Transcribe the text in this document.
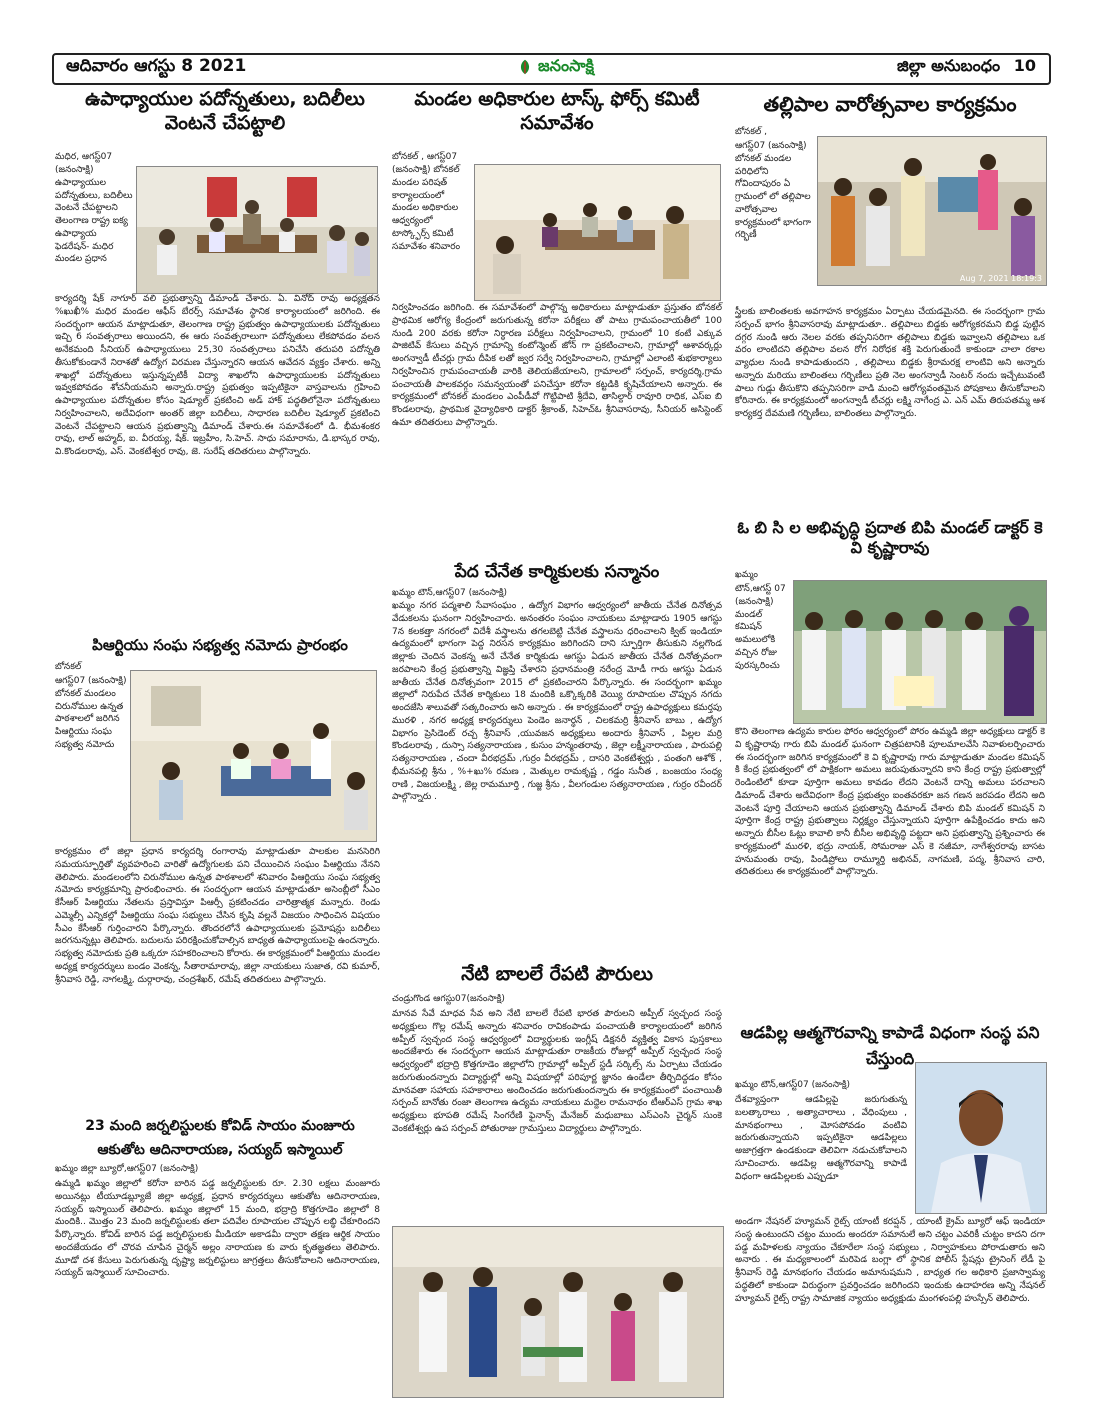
ఆదివారం ఆగస్టు 8 2021	జనంసాక్షి	జిల్లా అనుబంధం 10
ఉపాధ్యాయుల పదోన్నతులు, బదిలీలు వెంటనే చేపట్టాలి
మధిర, ఆగస్ట్07
(జనంసాక్షి) ఉపాధ్యాయుల పదోన్నతులు, బదిలీలు వెంటనే చేపట్టాలని తెలంగాణ రాష్ట్ర ఐక్య ఉపాధ్యాయ ఫెడరేషన్- మధిర మండల ప్రధాన
కార్యదర్శి షేక్ నాగూర్ వలి ప్రభుత్వాన్ని డిమాండ్ చేశారు. ఏ. వినోద్ రావు అధ్యక్షతన %ఖుఖీ% మధిర మండల ఆఫీస్ బేరర్స్ సమావేశం స్థానిక కార్యాలయంలో జరిగింది. ఈ సందర్భంగా ఆయన మాట్లాడుతూ, తెలంగాణ రాష్ట్ర ప్రభుత్వం ఉపాధ్యాయులకు పదోన్నతులు ఇచ్చి 6 సంవత్సరాలు అయిందని, ఈ ఆరు సంవత్సరాలుగా పదోన్నతులు లేకపోవడం వలన అనేకమంది సీనియర్ ఉపాధ్యాయులు 25,30 సంవత్సరాలు పనిచేసి తదుపరి పదోన్నతి తీసుకోకుండానే నిరాశతో ఉద్యోగ విరమణ చేస్తున్నారని ఆయన ఆవేదన వ్యక్తం చేశారు. అన్ని శాఖల్లో పదోన్నతులు ఇస్తున్నప్పటికీ విద్యా శాఖలోని ఉపాధ్యాయులకు పదోన్నతులు ఇవ్వకపోవడం శోచనీయమని అన్నారు.రాష్ట్ర ప్రభుత్వం ఇప్పటికైనా వాస్తవాలను గ్రహించి ఉపాధ్యాయుల పదోన్నతుల కోసం షెడ్యూల్ ప్రకటించి అడ్ హాక్ పద్ధతిలోనైనా పదోన్నతులు నిర్వహించాలని, అదేవిధంగా అంతర్ జిల్లా బదిలీలు, సాధారణ బదిలీల షెడ్యూల్ ప్రకటించి వెంటనే చేపట్టాలని ఆయన ప్రభుత్వాన్ని డిమాండ్ చేశారు.ఈ సమావేశంలో డి. భీమశంకర రావు, లాల్ అహ్మద్, ఐ. వీరయ్య, షేక్. ఇబ్రహీం, సి.హెచ్. సాధు సమారాను, డి.భాస్కర రావు, వి.కొండలరావు, ఎస్. వెంకటేశ్వర రావు, జె. సురేష్ తదితరులు పాల్గొన్నారు.
పిఆర్టియు సంఘ సభ్యత్వ నమోదు ప్రారంభం
బోనకల్
ఆగస్ట్07 (జనంసాక్షి) బోనకల్ మండలం చిరునోముల ఉన్నత పాఠశాలలో జరిగిన పిఆర్టియు సంఘ సభ్యత్వ నమోదు
కార్యక్రమం లో జిల్లా ప్రధాన కార్యదర్శి రంగారావు మాట్లాడుతూ పాలకుల మనసెరిగి సమయస్ఫూర్తితో వ్యవహరించి వారితో ఉద్యోగులకు పని చేయించిన సంఘం పిఆర్టియు నేనని తెలిపారు. మండలంలోని చిరునోముల ఉన్నత పాఠశాలలో శనివారం పిఆర్టియు సంఘ సభ్యత్వ నమోదు కార్యక్రమాన్ని ప్రారంభించారు. ఈ సందర్భంగా ఆయన మాట్లాడుతూ అసెంబ్లీలో సీఎం కేసీఆర్ పిఆర్టియు నేతలను ప్రస్తావిస్తూ పిఆర్సీ ప్రకటించడం చారిత్రాత్మక మన్నారు. రెండు ఎమ్మెల్సీ ఎన్నికల్లో పిఆర్టియు సంఘ సభ్యులు చేసిన కృషి వల్లనే విజయం సాధించిన విషయం సీఎం కేసీఆర్ గుర్తించారని పేర్కొన్నారు. తొందరలోనే ఉపాధ్యాయులకు ప్రమోషన్లు బదిలీలు జరగనున్నట్లు తెలిపారు. బదులను పరిరక్షించుకోవాల్సిన బాధ్యత ఉపాధ్యాయులపై ఉందన్నారు. సభ్యత్వ నమోదుకు ప్రతి ఒక్కరూ సహకరించాలని కోరారు. ఈ కార్యక్రమంలో పిఆర్టియు మండల అధ్యక్ష కార్యదర్శులు బండం వెంకన్న, సీతారామారావు, జిల్లా నాయకులు సుజాత, రవి కుమార్, శ్రీనివాస రెడ్డి, నాగలక్ష్మి, దుర్గారావు, చంద్రశేఖర్, రమేష్ తదితరులు పాల్గొన్నారు.
23 మంది జర్నలిస్టులకు కోవిడ్ సాయం మంజూరు
ఆకుతోట ఆదినారాయణ, సయ్యద్ ఇస్మాయిల్
ఖమ్మం జిల్లా బ్యూరో,ఆగస్ట్07 (జనంసాక్షి)
ఉమ్మడి ఖమ్మం జిల్లాలో కరోనా బారిన పడ్డ జర్నలిస్టులకు రూ. 2.30 లక్షలు మంజూరు అయినట్లు టీయూడబ్ల్యూజే జిల్లా అధ్యక్ష, ప్రధాన కార్యదర్శులు ఆకుతోట ఆదినారాయణ, సయ్యద్ ఇస్మాయిల్ తెలిపారు. ఖమ్మం జిల్లాలో 15 మంది, భద్రాద్రి కొత్తగూడెం జిల్లాలో 8 మందికి.. మొత్తం 23 మంది జర్నలిస్టులకు తలా పదివేల రూపాయల చొప్పున లబ్ధి చేకూరిందని పేర్కొన్నారు. కోవిడ్ బారిన పడ్డ జర్నలిస్టులకు మీడియా అకాడమీ ద్వారా తక్షణ ఆర్థిక సాయం అందజేయడం లో చొరవ చూపిన చైర్మన్ అల్లం నారాయణ కు వారు కృతజ్ఞతలు తెలిపారు. మూడో దశ కేసులు పెరుగుతున్న దృష్ట్యా జర్నలిస్టులు జాగ్రత్తలు తీసుకోవాలని ఆదినారాయణ, సయ్యద్ ఇస్మాయిల్ సూచించారు.
మండల అధికారుల టాస్క్ ఫోర్స్ కమిటీ సమావేశం
బోనకల్ , ఆగస్ట్07
(జనంసాక్షి) బోనకల్ మండల పరిషత్ కార్యాలయంలో మండల అధికారుల ఆధ్వర్యంలో టాస్క్ఫోర్స్ కమిటీ సమావేశం శనివారం
నిర్వహించడం జరిగింది. ఈ సమావేశంలో పాల్గొన్న అధికారులు మాట్లాడుతూ ప్రస్తుతం బోనకల్ ప్రాథమిక ఆరోగ్య కేంద్రంలో జరుగుతున్న కరోనా పరీక్షలు తో పాటు గ్రామపంచాయతీలో 100 నుండి 200 వరకు కరోనా నిర్ధారణ పరీక్షలు నిర్వహించాలని, గ్రామంలో 10 కంటే ఎక్కువ పాజిటివ్ కేసులు వచ్చిన గ్రామాన్ని కంటోన్మెంట్ జోన్ గా ప్రకటించాలని, గ్రామాల్లో ఆశావర్కర్లు అంగన్వాడీ టీచర్లు గ్రామ దీపిక లతో జ్వర సర్వే నిర్వహించాలని, గ్రామాల్లో ఎలాంటి శుభకార్యాలు నిర్వహించిన గ్రామపంచాయతీ వారికి తెలియజేయాలని, గ్రామాలలో సర్పంచ్, కార్యదర్శి,గ్రామ పంచాయతీ పాలకవర్గం సమన్వయంతో పనిచేస్తూ కరోనా కట్టడికి కృషిచేయాలని అన్నారు. ఈ కార్యక్రమంలో బోనకల్ మండలం ఎంపీడీవో గొట్టిపాటి శ్రీదేవి, తాసిల్దార్ రావూరి రాధిక, ఎస్ఐ బి కొండలరావు, ప్రాథమిక వైద్యాధికారి డాక్టర్ శ్రీకాంత్, సిహెచ్ఓ శ్రీనివాసరావు, సీనియర్ అసిస్టెంట్ ఉమా తదితరులు పాల్గొన్నారు.
పేద చేనేత కార్మికులకు సన్మానం
ఖమ్మం టౌన్,ఆగస్ట్07 (జనంసాక్షి)
ఖమ్మం నగర పద్మశాలి సేవాసంఘం , ఉద్యోగ విభాగం ఆధ్వర్యంలో జాతీయ చేనేత దినోత్సవ వేడుకలను ఘనంగా నిర్వహించారు. అనంతరం సంఘం నాయకులు మాట్లాడారు 1905 ఆగస్టు 7న కలకత్తా నగరంలో విదేశీ వస్త్రాలను తగలబెట్టి చేనేత వస్త్రాలను ధరించాలని క్విట్ ఇండియా ఉద్యమంలో భాగంగా పెద్ద నిరసన కార్యక్రమం జరిగిందని దాని స్ఫూర్తిగా తీసుకుని నల్లగొండ జిల్లాకు చెందిన వెంకన్న అనే చేనేత కార్మికుడు ఆగస్టు ఏడున జాతీయ చేనేత దినోత్సవంగా జరపాలని కేంద్ర ప్రభుత్వాన్ని విజ్ఞప్తి చేశారని ప్రధానమంత్రి నరేంద్ర మోడీ గారు ఆగస్టు ఏడున జాతీయ చేనేత దినోత్సవంగా 2015 లో ప్రకటించారని పేర్కొన్నారు. ఈ సందర్భంగా ఖమ్మం జిల్లాలో నిరుపేద చేనేత కార్మికులు 18 మందికి ఒక్కొక్కరికి వెయ్యి రూపాయల చొప్పున నగదు అందజేసి శాలువతో సత్కరించారు అని అన్నారు . ఈ కార్యక్రమంలో రాష్ట్ర ఉపాధ్యక్షులు కమర్తపు మురళి , నగర అధ్యక్ష కార్యదర్శులు పెండెం జనార్ధన్ , చిలకమర్రి శ్రీనివాస్ బాబు , ఉద్యోగ విభాగం ప్రెసిడెంట్ రచ్చ శ్రీనివాస్ ,యువజన అధ్యక్షులు అందారు శ్రీనివాస్ , పిల్లల మర్రి కొండలరావు , దుస్సా సత్యనారాయణ , కుసుం హన్మంతరావు , జెల్లా లక్ష్మీనారాయణ , పారుపల్లి సత్యనారాయణ , చందా వీరభద్రమ్ ,గుర్రం వీరభద్రమ్ , దాసరి వెంకటేశ్వర్లు , పంతంగి ఆశోక్ , భీమనపల్లి శ్రీను , %+ఖు% రమణ , మెత్కుల రామకృష్ణ , గడ్డం సునీత , బంజయం సంధ్య రాణి , విజయలక్ష్మి , జెల్ల రామమూర్తి , గుజ్జ శ్రీను , వీలగండుల సత్యనారాయణ , గుర్రం రవీందర్ పాల్గొన్నారు .
నేటి బాలలే రేపటి పౌరులు
చండ్రుగొండ ఆగస్టు07(జనంసాక్షి)
మానవ సేవే మాధవ సేవ అని నేటి బాలలే రేపటి భారత పౌరులని అప్పీల్ స్వచ్ఛంద సంస్థ అధ్యక్షులు గొల్ల రమేష్ అన్నారు శనివారం రావికంపాడు పంచాయతీ కార్యాలయంలో జరిగిన అప్పీల్ స్వచ్ఛంద సంస్థ ఆధ్వర్యంలో విద్యార్థులకు ఇంగ్లీష్ డిక్షనరీ వ్యక్తిత్వ వికాస పుస్తకాలు అందజేశారు ఈ సందర్భంగా ఆయన మాట్లాడుతూ రాజకీయ రోజుల్లో అప్పీల్ స్వచ్ఛంద సంస్థ ఆధ్వర్యంలో భద్రాద్రి కొత్తగూడెం జిల్లాలోని గ్రామాల్లో అప్పీల్ స్టడీ సర్కిల్స్ ను ఏర్పాటు చేయడం జరుగుతుందన్నారు విద్యార్థుల్లో అన్ని విషయాల్లో పరిపూర్ణ జ్ఞానం ఉండేలా తీర్చిదిద్దడం కోసం మానవతా సహాయ సహకారాలు అందించడం జరుగుతుందన్నారు ఈ కార్యక్రమంలో పంచాయితీ సర్పంచ్ బానోతు రంజా తెలంగాణ ఉద్యమ నాయకులు మద్దెల రామనాథం టీఆర్ఎస్ గ్రామ శాఖ అధ్యక్షులు భూపతి రమేష్ సింగరేణి ఫైనాన్స్ మేనేజర్ మధుబాబు ఎస్ఎంసి చైర్మన్ సుంకె వెంకటేశ్వర్లు ఉప సర్పంచ్ పోతురాజు గ్రామస్తులు విద్యార్థులు పాల్గొన్నారు.
తల్లిపాల వారోత్సవాల కార్యక్రమం
బోనకల్ ,
ఆగస్ట్07 (జనంసాక్షి) బోనకల్ మండల పరిధిలోని గోవిందాపురం ఏ గ్రామంలో లో తల్లిపాల వారోత్సవాల కార్యక్రమంలో భాగంగా గర్భిణీ
Aug 7, 2021 18:19:3
స్త్రీలకు బాలింతలకు అవగాహన కార్యక్రమం ఏర్పాటు చేయడమైనది. ఈ సందర్భంగా గ్రామ సర్పంచ్ భాగం శ్రీనివాసరావు మాట్లాడుతూ.. తల్లిపాలు బిడ్డకు ఆరోగ్యకరమని బిడ్డ పుట్టిన దగ్గర నుండి ఆరు నెలల వరకు తప్పనిసరిగా తల్లిపాలు బిడ్డకు ఇవ్వాలని తల్లిపాలు ఒక వరం లాంటిదని తల్లిపాల వలన రోగ నిరోధక శక్తి పెరుగుతుందే కాకుండా చాలా రకాల వ్యాధుల నుండి కాపాడుతుందని , తల్లిపాలు బిడ్డకు శ్రీరామరక్ష లాంటివి అని అన్నారు అన్నారు మరియు బాలింతలు గర్భిణీలు ప్రతి నెల అంగన్వాడీ సెంటర్ నందు ఇచ్చేటువంటి పాలు గుడ్లు తీసుకొని తప్పనిసరిగా వాడి మంచి ఆరోగ్యవంతమైన పోషకాలు తీసుకోవాలని కోరినారు. ఈ కార్యక్రమంలో అంగన్వాడీ టీచర్లు లక్ష్మి నాగేంద్ర ఎ. ఎన్ ఎమ్ తిరుపతమ్మ ఆశ కార్యకర్త దేవమణి గర్భిణీలు, బాలింతలు పాల్గొన్నారు.
ఓ బి సి ల అభివృద్ధి ప్రదాత బిపి మండల్ డాక్టర్ కె వి కృష్ణారావు
ఖమ్మం
టౌన్,ఆగస్ట్ 07 (జనంసాక్షి) మండల్ కమిషన్ అమలులోకి వచ్చిన రోజు పురస్కరించు
కొని తెలంగాణ ఉద్యమ కారుల ఫోరం ఆధ్వర్యంలో పోరం ఉమ్మడి జిల్లా అధ్యక్షులు డాక్టర్ కె వి కృష్ణారావు గారు బిపి మండల్ ఘనంగా చిత్రపటానికి పూలమాలవేసి నివాళులర్పించారు ఈ సందర్భంగా జరిగిన కార్యక్రమంలో కె వి కృష్ణారావు గారు మాట్లాడుతూ మండల కమిషన్ కి కేంద్ర ప్రభుత్వంలో లో పాక్షికంగా అమలు జరుపుతున్నారని కాని కేంద్ర రాష్ట్ర ప్రభుత్వాల్లో రెండింటిలో కూడా పూర్తిగా అమలు కావడం లేదని వెంటనే దాన్ని అమలు పరచాలని డిమాండ్ చేశారు అదేవిధంగా కేంద్ర ప్రభుత్వం ఐంతవరకూ జన గణన జరపడం లేదని అది వెంటనే పూర్తి చేయాలని ఆయన ప్రభుత్వాన్ని డిమాండ్ చేశారు బిపి మండల్ కమిషన్ ని పూర్తిగా కేంద్ర రాష్ట్ర ప్రభుత్వాలు నిర్లక్ష్యం చేస్తున్నాయని పూర్తిగా ఉపేక్షించడం కాదు అని అన్నారు బీసీల ఓట్లు కావాలి కానీ బీసీల అభివృద్ధి పట్టదా అని ప్రభుత్వాన్ని ప్రశ్నించారు ఈ కార్యక్రమంలో మురళి, భద్రు నాయక్, సోమరాజు ఎస్ కె నజీమా, నాగేశ్వరరావు బాసట హనుమంతు రావు, పిండిప్రోలు రామ్మూర్తి అభినవ్, నాగమణి, పద్మ, శ్రీనివాస చారి, తదితరులు ఈ కార్యక్రమంలో పాల్గొన్నారు.
ఆడపిల్ల ఆత్మగౌరవాన్ని కాపాడే విధంగా సంస్థ పని చేస్తుంది
ఖమ్మం టౌన్,ఆగస్ట్07 (జనంసాక్షి)
దేశవ్యాప్తంగా ఆడపిల్లపై జరుగుతున్న బలత్కారాలు , అత్యాచారాలు , వేధింపులు , మానభంగాలు , మోసపోవడం వంటివి జరుగుతున్నాయని ఇప్పటికైనా ఆడపిల్లలు అజాగ్రత్తగా ఉండకుండా తెలివిగా నడుచుకోవాలని సూచించారు. ఆడపిల్ల ఆత్మగౌరవాన్ని కాపాడే విధంగా ఆడపిల్లలకు ఎప్పుడూ
అండగా నేషనల్ హ్యూమన్ రైట్స్ యాంటీ కరప్షన్ , యాంటీ క్రైమ్ బ్యూరో ఆఫ్ ఇండియా సంస్థ ఉంటుందని చట్టం ముందు అందరూ సమానులే అని చట్టం ఎవరికీ చుట్టం కాదని దగా పడ్డ మహిళలకు న్యాయం చేకూరేలా సంస్థ సభ్యులు , నిర్వాహకులు పోరాడుతారు అని అనారు . ఈ మధ్యకాలంలో మరిపెడ బంగ్లా లో స్థానిక పోలీస్ స్టేషన్లు ట్రైనింగ్ లేడీ పై శ్రీనివాస్ రెడ్డి మానభంగం చేయడం అమానుషమని , బాధ్యత గల అధికారి ప్రజాస్వామ్య పద్ధతిలో కాకుండా విరుద్ధంగా ప్రవర్తించడం జరిగిందని ఇందుకు ఉదాహరణ అన్ని నేషనల్ హ్యూమన్ రైట్స్ రాష్ట్ర సామాజిక న్యాయం అధ్యక్షుడు మంగళంపల్లి హుస్సేన్ తెలిపారు.
